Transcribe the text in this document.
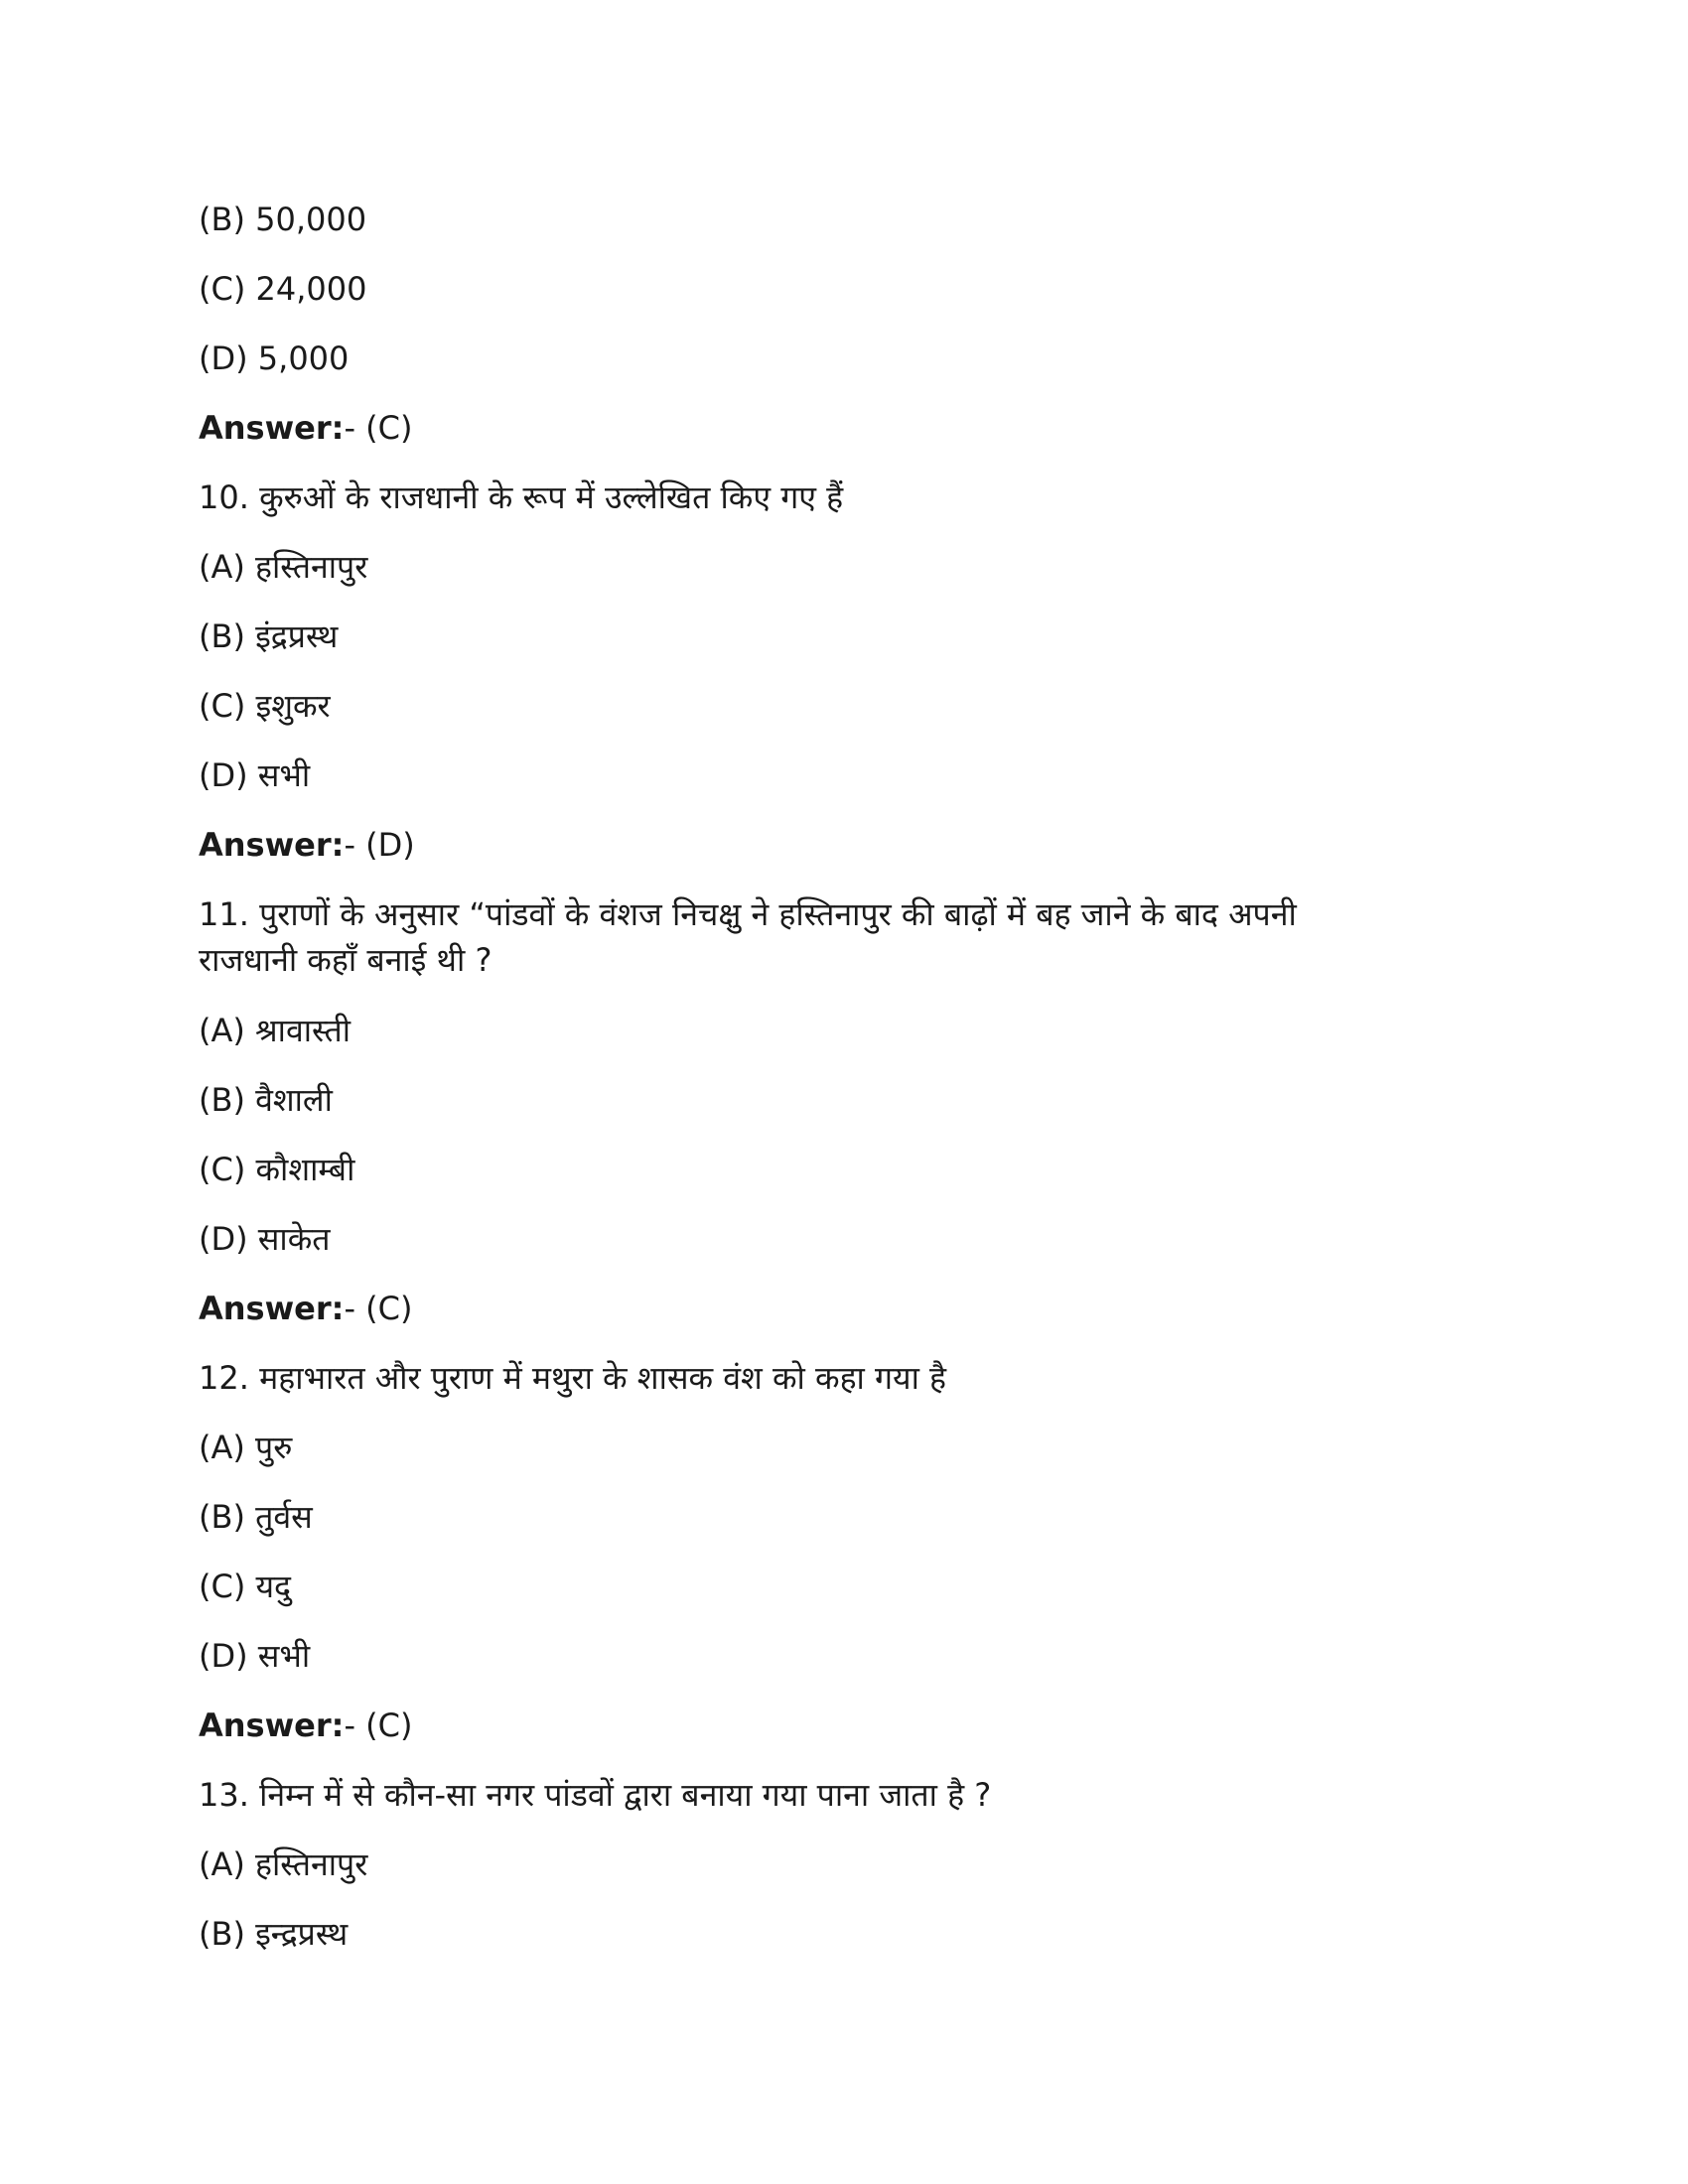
(B) 50,000
(C) 24,000
(D) 5,000
Answer:- (C)
10. कुरुओं के राजधानी के रूप में उल्लेखित किए गए हैं
(A) हस्तिनापुर
(B) इंद्रप्रस्थ
(C) इशुकर
(D) सभी
Answer:- (D)
11. पुराणों के अनुसार “पांडवों के वंशज निचक्षु ने हस्तिनापुर की बाढ़ों में बह जाने के बाद अपनी राजधानी कहाँ बनाई थी ?
(A) श्रावास्ती
(B) वैशाली
(C) कौशाम्बी
(D) साकेत
Answer:- (C)
12. महाभारत और पुराण में मथुरा के शासक वंश को कहा गया है
(A) पुरु
(B) तुर्वस
(C) यदु
(D) सभी
Answer:- (C)
13. निम्न में से कौन-सा नगर पांडवों द्वारा बनाया गया पाना जाता है ?
(A) हस्तिनापुर
(B) इन्द्रप्रस्थ
